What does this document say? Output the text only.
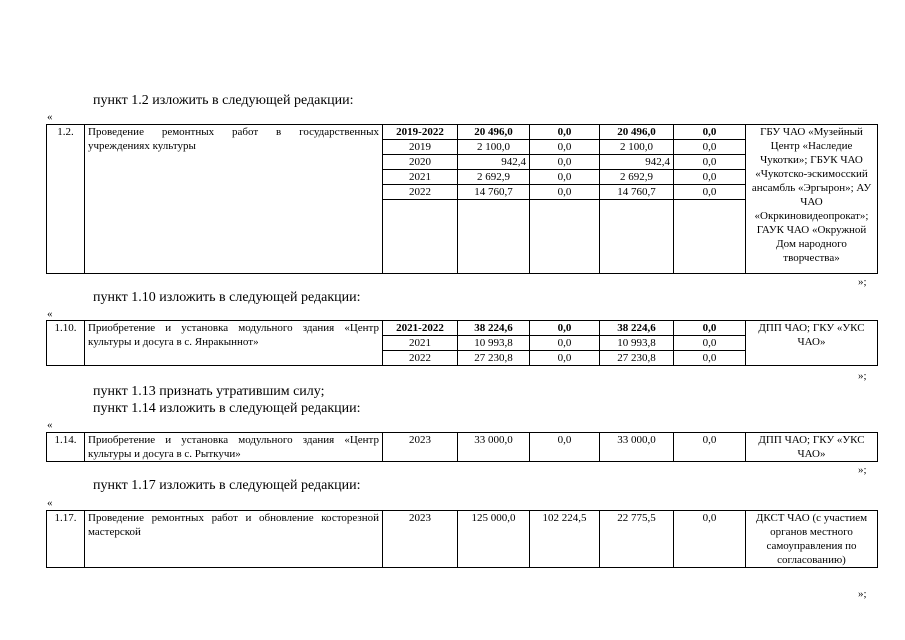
пункт 1.2 изложить в следующей редакции:
«
1.2.	Проведение ремонтных работ в государственных учреждениях культуры	2019-2022	20 496,0	0,0	20 496,0	0,0	ГБУ ЧАО «Музейный Центр «Наследие Чукотки»; ГБУК ЧАО «Чукотско-эскимосский ансамбль «Эргырон»; АУ ЧАО «Окркиновидеопрокат»; ГАУК ЧАО «Окружной Дом народного творчества»
		2019	2 100,0	0,0	2 100,0	0,0	
		2020	942,4	0,0	942,4	0,0	
		2021	2 692,9	0,0	2 692,9	0,0	
		2022	14 760,7	0,0	14 760,7	0,0	

»;
пункт 1.10 изложить в следующей редакции:
«
1.10.	Приобретение и установка модульного здания «Центр культуры и досуга в с. Янракыннот»	2021-2022	38 224,6	0,0	38 224,6	0,0	ДПП ЧАО; ГКУ «УКС ЧАО»
		2021	10 993,8	0,0	10 993,8	0,0	
		2022	27 230,8	0,0	27 230,8	0,0	
»;
пункт 1.13 признать утратившим силу;
пункт 1.14 изложить в следующей редакции:
«
1.14.	Приобретение и установка модульного здания «Центр культуры и досуга в с. Рыткучи»	2023	33 000,0	0,0	33 000,0	0,0	ДПП ЧАО; ГКУ «УКС ЧАО»
»;
пункт 1.17 изложить в следующей редакции:
«
1.17.	Проведение ремонтных работ и обновление косторезной мастерской	2023	125 000,0	102 224,5	22 775,5	0,0	ДКСТ ЧАО (с участием органов местного самоуправления по согласованию)
»;
